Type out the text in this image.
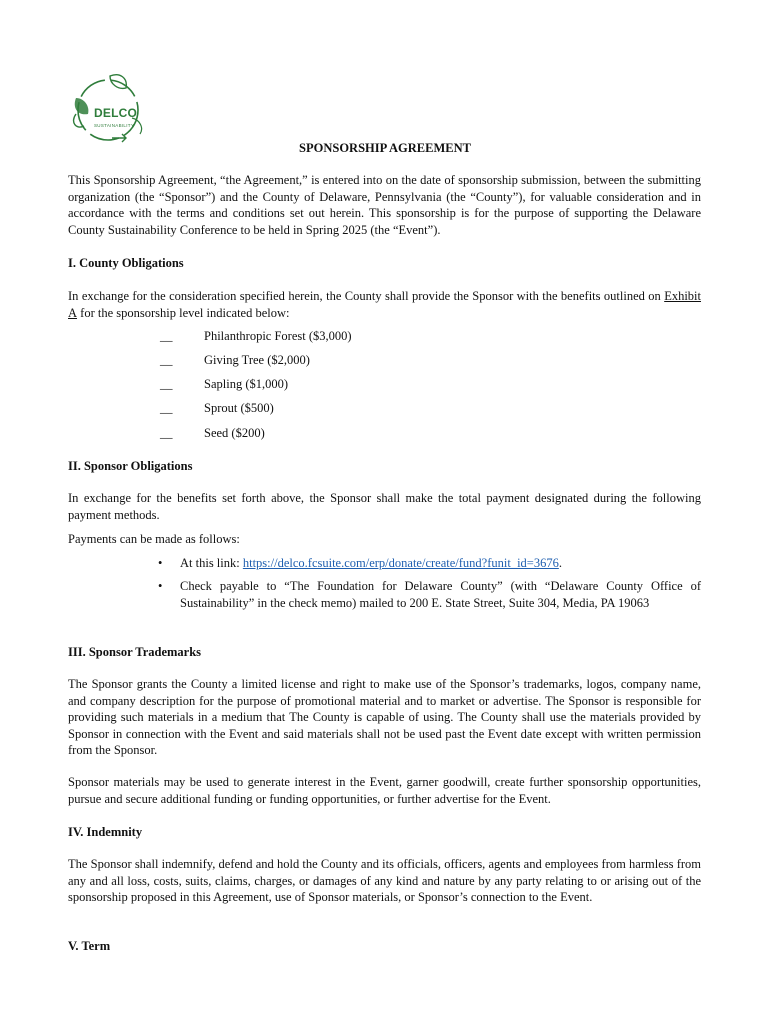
DELCO
SUSTAINABILITY
SPONSORSHIP AGREEMENT
This Sponsorship Agreement, “the Agreement,” is entered into on the date of sponsorship submission, between the submitting organization (the “Sponsor”) and the County of Delaware, Pennsylvania (the “County”), for valuable consideration and in accordance with the terms and conditions set out herein. This sponsorship is for the purpose of supporting the Delaware County Sustainability Conference to be held in Spring 2025 (the “Event”).
I. County Obligations
In exchange for the consideration specified herein, the County shall provide the Sponsor with the benefits outlined on Exhibit A for the sponsorship level indicated below:
__	Philanthropic Forest ($3,000)
__	Giving Tree ($2,000)
__	Sapling ($1,000)
__	Sprout ($500)
__	Seed ($200)
II. Sponsor Obligations
In exchange for the benefits set forth above, the Sponsor shall make the total payment designated during the following payment methods.
Payments can be made as follows:
• At this link: https://delco.fcsuite.com/erp/donate/create/fund?funit_id=3676.
• Check payable to “The Foundation for Delaware County” (with “Delaware County Office of Sustainability” in the check memo) mailed to 200 E. State Street, Suite 304, Media, PA 19063
III. Sponsor Trademarks
The Sponsor grants the County a limited license and right to make use of the Sponsor’s trademarks, logos, company name, and company description for the purpose of promotional material and to market or advertise. The Sponsor is responsible for providing such materials in a medium that The County is capable of using. The County shall use the materials provided by Sponsor in connection with the Event and said materials shall not be used past the Event date except with written permission from the Sponsor.
Sponsor materials may be used to generate interest in the Event, garner goodwill, create further sponsorship opportunities, pursue and secure additional funding or funding opportunities, or further advertise for the Event.
IV. Indemnity
The Sponsor shall indemnify, defend and hold the County and its officials, officers, agents and employees from harmless from any and all loss, costs, suits, claims, charges, or damages of any kind and nature by any party relating to or arising out of the sponsorship proposed in this Agreement, use of Sponsor materials, or Sponsor’s connection to the Event.
V. Term
